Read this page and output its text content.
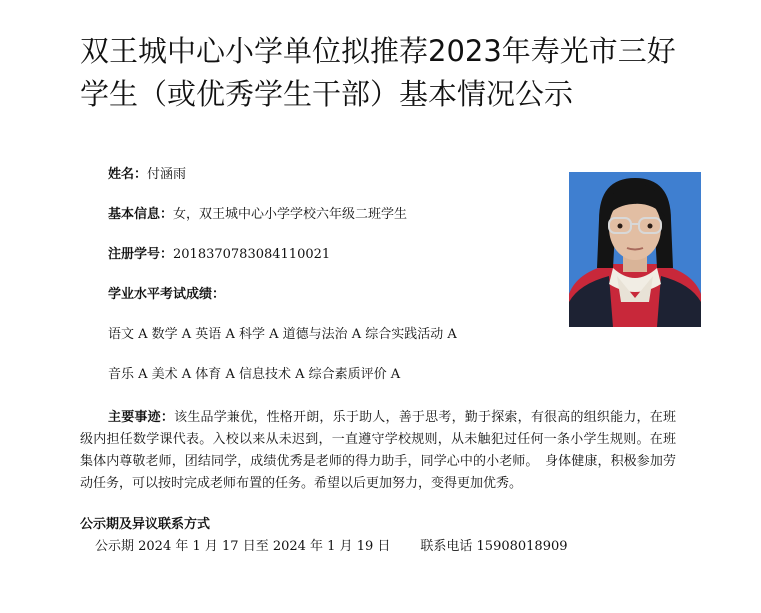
双王城中心小学单位拟推荐2023年寿光市三好
学生（或优秀学生干部）基本情况公示
姓名：付涵雨
基本信息：女，双王城中心小学学校六年级二班学生
注册学号：2018370783084110021
学业水平考试成绩：
语文 A 数学 A 英语 A 科学 A 道德与法治 A 综合实践活动 A
音乐 A 美术 A 体育 A 信息技术 A 综合素质评价 A
主要事迹：该生品学兼优，性格开朗，乐于助人，善于思考，勤于探索，有很高的组织能力，在班级内担任数学课代表。入校以来从未迟到，一直遵守学校规则，从未触犯过任何一条小学生规则。在班集体内尊敬老师，团结同学，成绩优秀是老师的得力助手，同学心中的小老师。　身体健康，积极参加劳动任务，可以按时完成老师布置的任务。希望以后更加努力，变得更加优秀。
公示期及异议联系方式
公示期 2024 年 1 月 17 日至 2024 年 1 月 19 日 联系电话 15908018909
